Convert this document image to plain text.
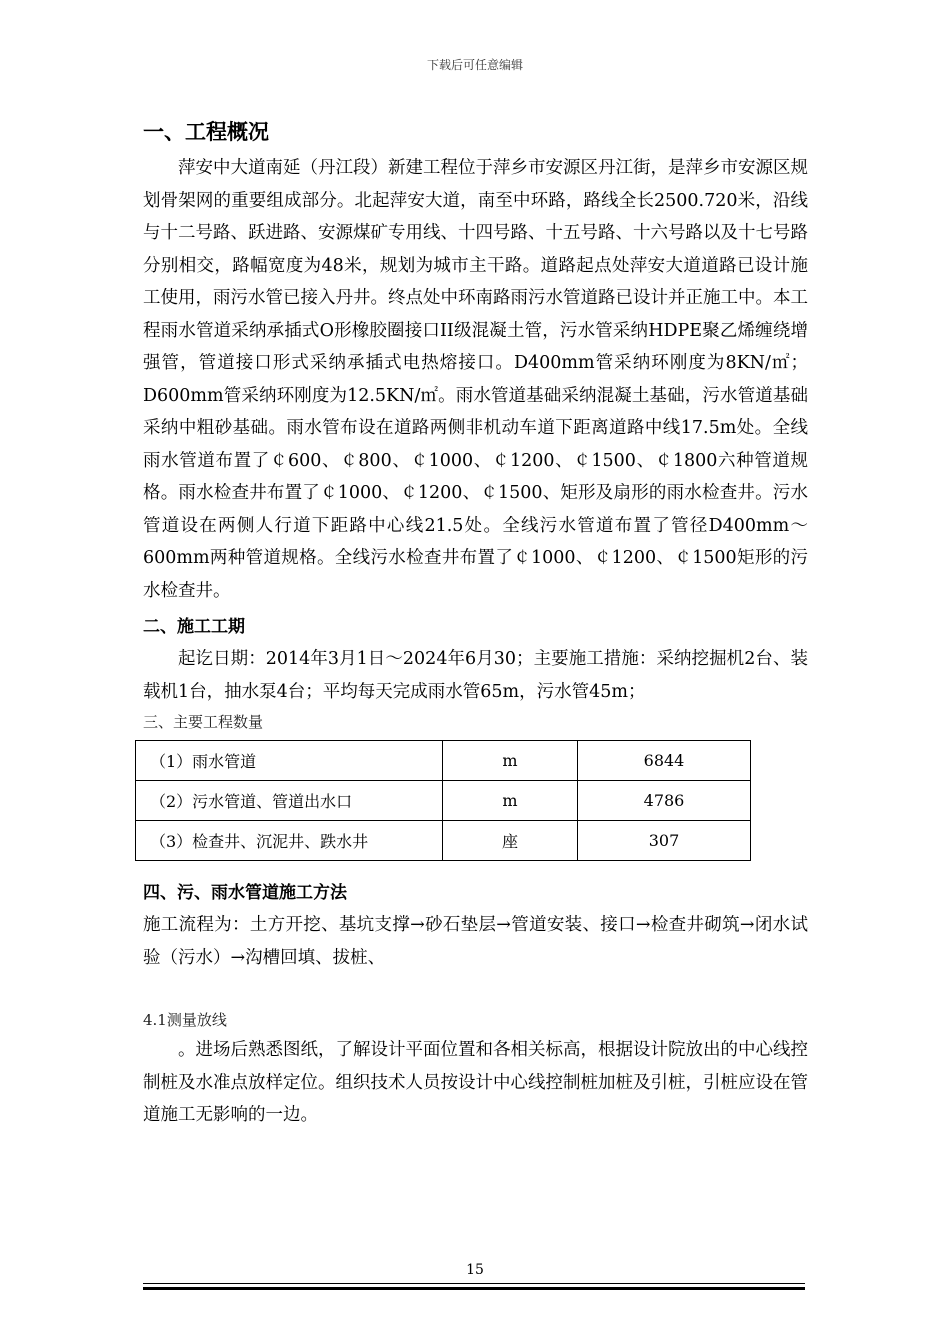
下载后可任意编辑
一、工程概况

萍安中大道南延（丹江段）新建工程位于萍乡市安源区丹江街，是萍乡市安源区规划骨架网的重要组成部分。北起萍安大道，南至中环路，路线全长2500.720米，沿线与十二号路、跃进路、安源煤矿专用线、十四号路、十五号路、十六号路以及十七号路分别相交，路幅宽度为48米，规划为城市主干路。道路起点处萍安大道道路已设计施工使用，雨污水管已接入丹井。终点处中环南路雨污水管道路已设计并正施工中。本工程雨水管道采纳承插式O形橡胶圈接口II级混凝土管，污水管采纳HDPE聚乙烯缠绕增强管，管道接口形式采纳承插式电热熔接口。D400mm管采纳环刚度为8KN/㎡；D600mm管采纳环刚度为12.5KN/㎡。雨水管道基础采纳混凝土基础，污水管道基础采纳中粗砂基础。雨水管布设在道路两侧非机动车道下距离道路中线17.5m处。全线雨水管道布置了￠600、￠800、￠1000、￠1200、￠1500、￠1800六种管道规格。雨水检查井布置了￠1000、￠1200、￠1500、矩形及扇形的雨水检查井。污水管道设在两侧人行道下距路中心线21.5处。全线污水管道布置了管径D400mm～600mm两种管道规格。全线污水检查井布置了￠1000、￠1200、￠1500矩形的污水检查井。

二、施工工期

起讫日期：2014年3月1日～2024年6月30；主要施工措施：采纳挖掘机2台、装载机1台，抽水泵4台；平均每天完成雨水管65m，污水管45m；

三、主要工程数量
（1）雨水管道	m	6844
（2）污水管道、管道出水口	m	4786
（3）检查井、沉泥井、跌水井	座	307
四、污、雨水管道施工方法

施工流程为：土方开挖、基坑支撑→砂石垫层→管道安装、接口→检查井砌筑→闭水试验（污水）→沟槽回填、拔桩、

4.1测量放线

。进场后熟悉图纸，了解设计平面位置和各相关标高，根据设计院放出的中心线控制桩及水准点放样定位。组织技术人员按设计中心线控制桩加桩及引桩，引桩应设在管道施工无影响的一边。

15
